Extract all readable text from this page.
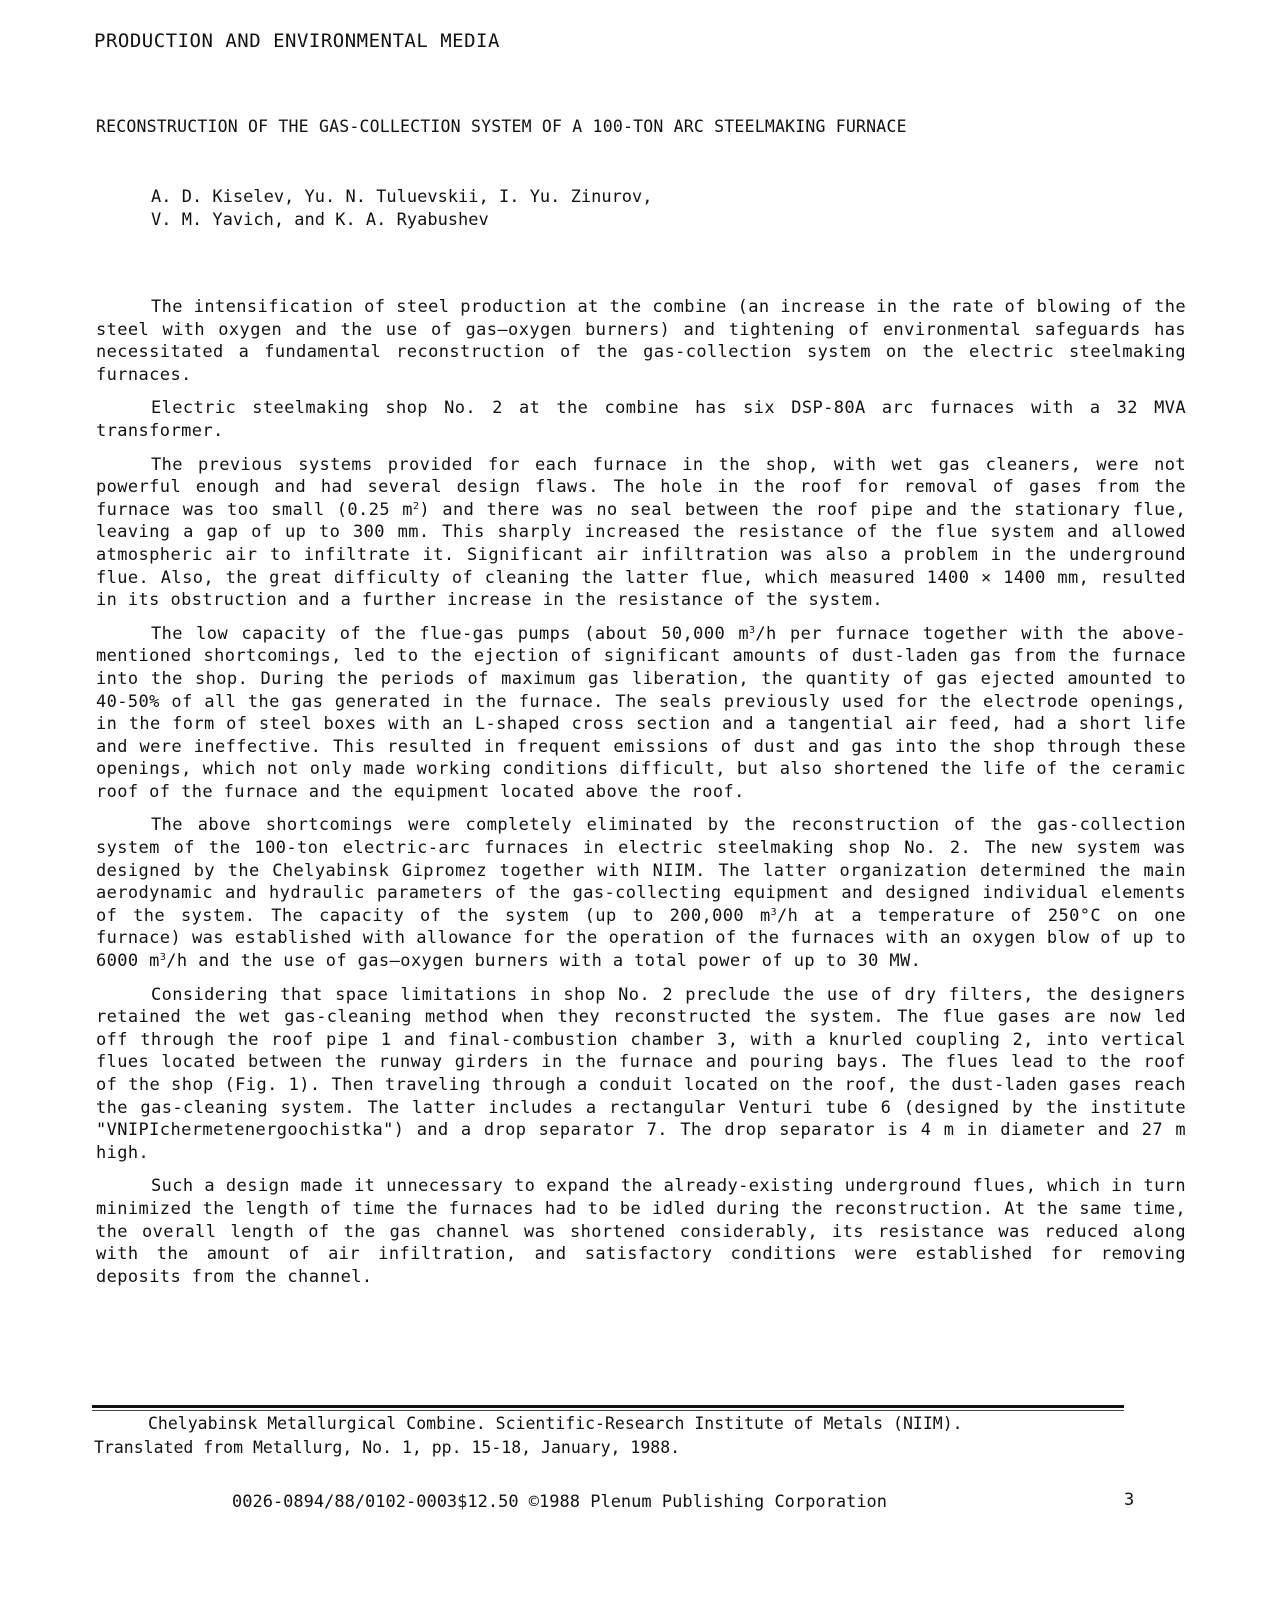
PRODUCTION AND ENVIRONMENTAL MEDIA
RECONSTRUCTION OF THE GAS-COLLECTION SYSTEM OF A 100-TON ARC STEELMAKING FURNACE
A. D. Kiselev, Yu. N. Tuluevskii, I. Yu. Zinurov,
V. M. Yavich, and K. A. Ryabushev

The intensification of steel production at the combine (an increase in the rate of blowing of the steel with oxygen and the use of gas—oxygen burners) and tightening of environmental safeguards has necessitated a fundamental reconstruction of the gas-collection system on the electric steelmaking furnaces.

Electric steelmaking shop No. 2 at the combine has six DSP-80A arc furnaces with a 32 MVA transformer.

The previous systems provided for each furnace in the shop, with wet gas cleaners, were not powerful enough and had several design flaws. The hole in the roof for removal of gases from the furnace was too small (0.25 $m^2$) and there was no seal between the roof pipe and the stationary flue, leaving a gap of up to 300 mm. This sharply increased the resistance of the flue system and allowed atmospheric air to infiltrate it. Significant air infiltration was also a problem in the underground flue. Also, the great difficulty of cleaning the latter flue, which measured 1400 × 1400 mm, resulted in its obstruction and a further increase in the resistance of the system.

The low capacity of the flue-gas pumps (about 50,000 $m^3/h$ per furnace together with the above-mentioned shortcomings, led to the ejection of significant amounts of dust-laden gas from the furnace into the shop. During the periods of maximum gas liberation, the quantity of gas ejected amounted to 40-50% of all the gas generated in the furnace. The seals previously used for the electrode openings, in the form of steel boxes with an L-shaped cross section and a tangential air feed, had a short life and were ineffective. This resulted in frequent emissions of dust and gas into the shop through these openings, which not only made working conditions difficult, but also shortened the life of the ceramic roof of the furnace and the equipment located above the roof.

The above shortcomings were completely eliminated by the reconstruction of the gas-collection system of the 100-ton electric-arc furnaces in electric steelmaking shop No. 2. The new system was designed by the Chelyabinsk Gipromez together with NIIM. The latter organization determined the main aerodynamic and hydraulic parameters of the gas-collecting equipment and designed individual elements of the system. The capacity of the system (up to 200,000 $m^3/h$ at a temperature of 250°C on one furnace) was established with allowance for the operation of the furnaces with an oxygen blow of up to 6000 $m^3/h$ and the use of gas—oxygen burners with a total power of up to 30 MW.

Considering that space limitations in shop No. 2 preclude the use of dry filters, the designers retained the wet gas-cleaning method when they reconstructed the system. The flue gases are now led off through the roof pipe 1 and final-combustion chamber 3, with a knurled coupling 2, into vertical flues located between the runway girders in the furnace and pouring bays. The flues lead to the roof of the shop (Fig. 1). Then traveling through a conduit located on the roof, the dust-laden gases reach the gas-cleaning system. The latter includes a rectangular Venturi tube 6 (designed by the institute "VNIPIchermetenergoochistka") and a drop separator 7. The drop separator is 4 m in diameter and 27 m high.

Such a design made it unnecessary to expand the already-existing underground flues, which in turn minimized the length of time the furnaces had to be idled during the reconstruction. At the same time, the overall length of the gas channel was shortened considerably, its resistance was reduced along with the amount of air infiltration, and satisfactory conditions were established for removing deposits from the channel.

Chelyabinsk Metallurgical Combine. Scientific-Research Institute of Metals (NIIM).
Translated from Metallurg, No. 1, pp. 15-18, January, 1988.
0026-0894/88/0102-0003$12.50 ©1988 Plenum Publishing Corporation	3
